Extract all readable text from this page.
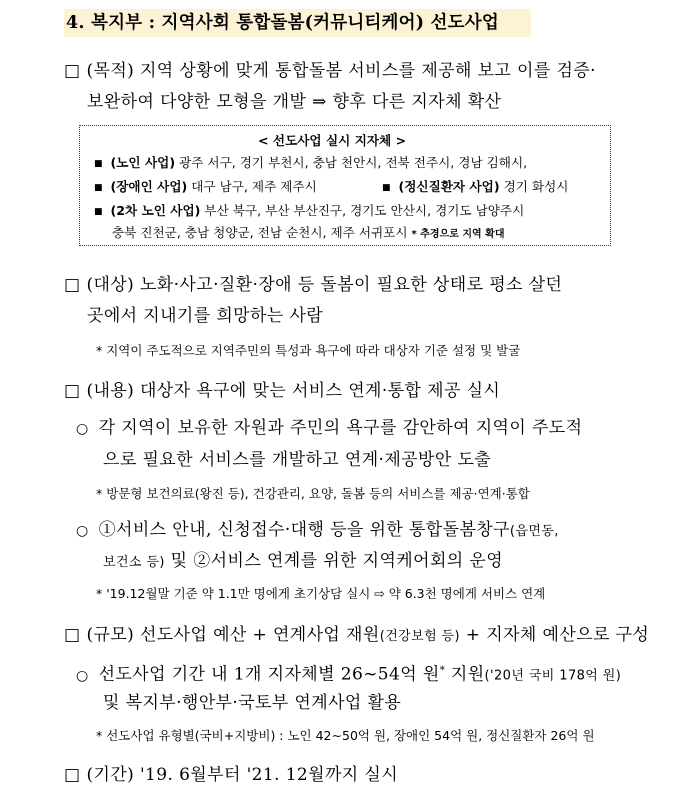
4. 복지부 : 지역사회 통합돌봄(커뮤니티케어) 선도사업
□ (목적) 지역 상황에 맞게 통합돌봄 서비스를 제공해 보고 이를 검증·
보완하여 다양한 모형을 개발 ⇒ 향후 다른 지자체 확산
< 선도사업 실시 지자체 >
■ (노인 사업) 광주 서구, 경기 부천시, 충남 천안시, 전북 전주시, 경남 김해시,
■ (장애인 사업) 대구 남구, 제주 제주시	■ (정신질환자 사업) 경기 화성시
■ (2차 노인 사업) 부산 북구, 부산 부산진구, 경기도 안산시, 경기도 남양주시
충북 진천군, 충남 청양군, 전남 순천시, 제주 서귀포시 * 추경으로 지역 확대
□ (대상) 노화·사고·질환·장애 등 돌봄이 필요한 상태로 평소 살던
곳에서 지내기를 희망하는 사람
* 지역이 주도적으로 지역주민의 특성과 욕구에 따라 대상자 기준 설정 및 발굴
□ (내용) 대상자 욕구에 맞는 서비스 연계·통합 제공 실시
○ 각 지역이 보유한 자원과 주민의 욕구를 감안하여 지역이 주도적
으로 필요한 서비스를 개발하고 연계·제공방안 도출
* 방문형 보건의료(왕진 등), 건강관리, 요양, 돌봄 등의 서비스를 제공·연계·통합
○ ①서비스 안내, 신청접수·대행 등을 위한 통합돌봄창구(읍면동,
보건소 등) 및 ②서비스 연계를 위한 지역케어회의 운영
* '19.12월말 기준 약 1.1만 명에게 초기상담 실시 ⇨ 약 6.3천 명에게 서비스 연계
□ (규모) 선도사업 예산 + 연계사업 재원(건강보험 등) + 지자체 예산으로 구성
○ 선도사업 기간 내 1개 지자체별 26∼54억 원* 지원('20년 국비 178억 원)
및 복지부·행안부·국토부 연계사업 활용
* 선도사업 유형별(국비+지방비) : 노인 42∼50억 원, 장애인 54억 원, 정신질환자 26억 원
□ (기간) '19. 6월부터 '21. 12월까지 실시
